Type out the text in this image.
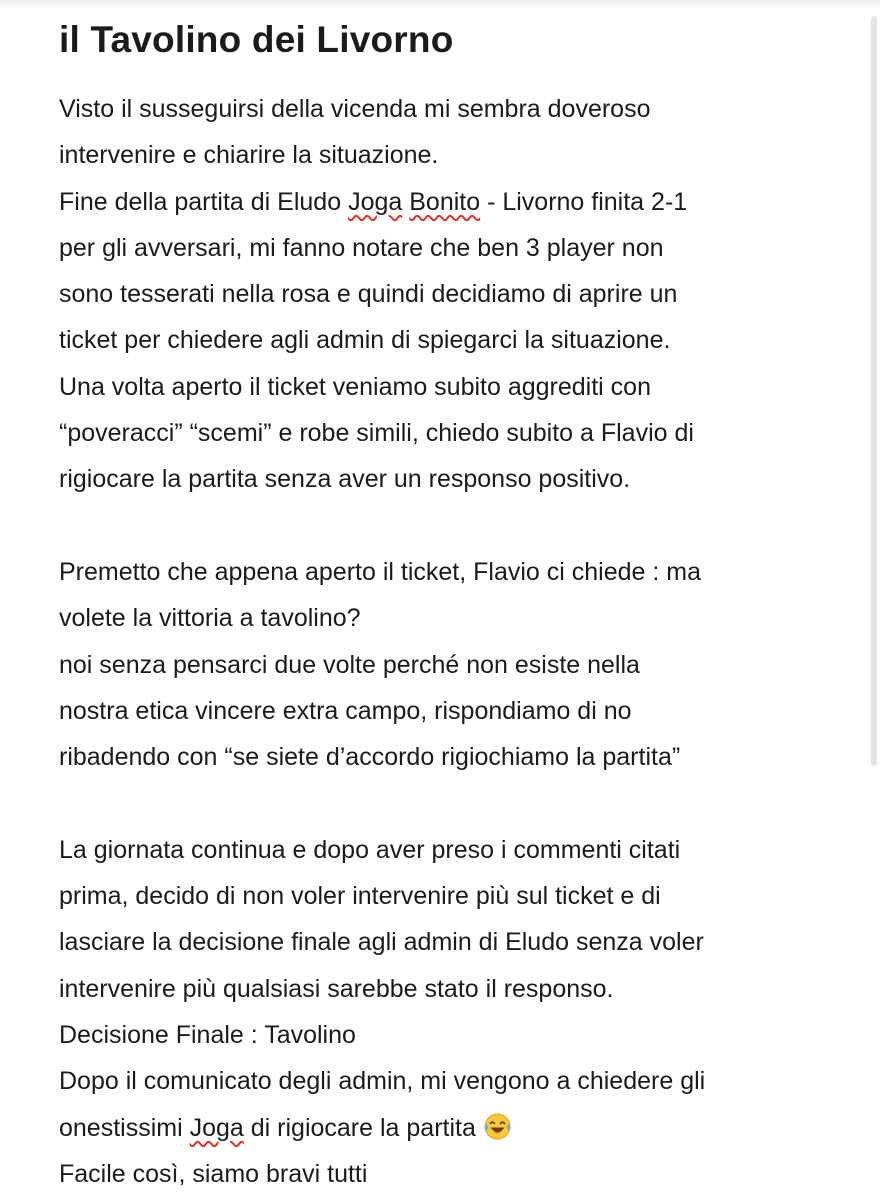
il Tavolino dei Livorno
Visto il susseguirsi della vicenda mi sembra doveroso
intervenire e chiarire la situazione.
Fine della partita di Eludo Joga Bonito - Livorno finita 2-1
per gli avversari, mi fanno notare che ben 3 player non
sono tesserati nella rosa e quindi decidiamo di aprire un
ticket per chiedere agli admin di spiegarci la situazione.
Una volta aperto il ticket veniamo subito aggrediti con
“poveracci” “scemi” e robe simili, chiedo subito a Flavio di
rigiocare la partita senza aver un responso positivo.
Premetto che appena aperto il ticket, Flavio ci chiede : ma
volete la vittoria a tavolino?
noi senza pensarci due volte perché non esiste nella
nostra etica vincere extra campo, rispondiamo di no
ribadendo con “se siete d’accordo rigiochiamo la partita”
La giornata continua e dopo aver preso i commenti citati
prima, decido di non voler intervenire più sul ticket e di
lasciare la decisione finale agli admin di Eludo senza voler
intervenire più qualsiasi sarebbe stato il responso.
Decisione Finale : Tavolino
Dopo il comunicato degli admin, mi vengono a chiedere gli
onestissimi Joga di rigiocare la partita
Facile così, siamo bravi tutti
